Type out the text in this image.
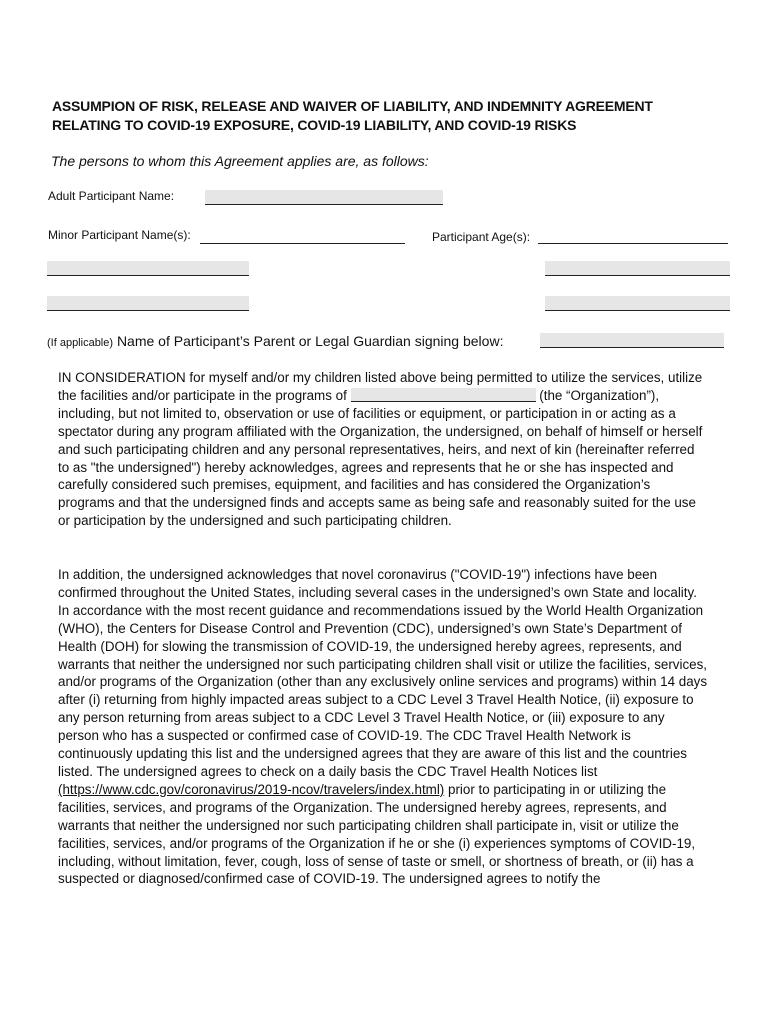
ASSUMPION OF RISK, RELEASE AND WAIVER OF LIABILITY, AND INDEMNITY AGREEMENT
RELATING TO COVID-19 EXPOSURE, COVID-19 LIABILITY, AND COVID-19 RISKS
The persons to whom this Agreement applies are, as follows:
Adult Participant Name:
Minor Participant Name(s):	Participant Age(s):
(If applicable) Name of Participant’s Parent or Legal Guardian signing below:

IN CONSIDERATION for myself and/or my children listed above being permitted to utilize the services, utilize the facilities and/or participate in the programs of	(the “Organization”), including, but not limited to, observation or use of facilities or equipment, or participation in or acting as a spectator during any program affiliated with the Organization, the undersigned, on behalf of himself or herself and such participating children and any personal representatives, heirs, and next of kin (hereinafter referred to as "the undersigned") hereby acknowledges, agrees and represents that he or she has inspected and carefully considered such premises, equipment, and facilities and has considered the Organization’s programs and that the undersigned finds and accepts same as being safe and reasonably suited for the use or participation by the undersigned and such participating children.

In addition, the undersigned acknowledges that novel coronavirus ("COVID-19") infections have been confirmed throughout the United States, including several cases in the undersigned’s own State and locality. In accordance with the most recent guidance and recommendations issued by the World Health Organization (WHO), the Centers for Disease Control and Prevention (CDC), undersigned’s own State’s Department of Health (DOH) for slowing the transmission of COVID-19, the undersigned hereby agrees, represents, and warrants that neither the undersigned nor such participating children shall visit or utilize the facilities, services, and/or programs of the Organization (other than any exclusively online services and programs) within 14 days after (i) returning from highly impacted areas subject to a CDC Level 3 Travel Health Notice, (ii) exposure to any person returning from areas subject to a CDC Level 3 Travel Health Notice, or (iii) exposure to any person who has a suspected or confirmed case of COVID-19. The CDC Travel Health Network is continuously updating this list and the undersigned agrees that they are aware of this list and the countries listed. The undersigned agrees to check on a daily basis the CDC Travel Health Notices list (https://www.cdc.gov/coronavirus/2019-ncov/travelers/index.html) prior to participating in or utilizing the facilities, services, and programs of the Organization. The undersigned hereby agrees, represents, and warrants that neither the undersigned nor such participating children shall participate in, visit or utilize the facilities, services, and/or programs of the Organization if he or she (i) experiences symptoms of COVID-19, including, without limitation, fever, cough, loss of sense of taste or smell, or shortness of breath, or (ii) has a suspected or diagnosed/confirmed case of COVID-19. The undersigned agrees to notify the
